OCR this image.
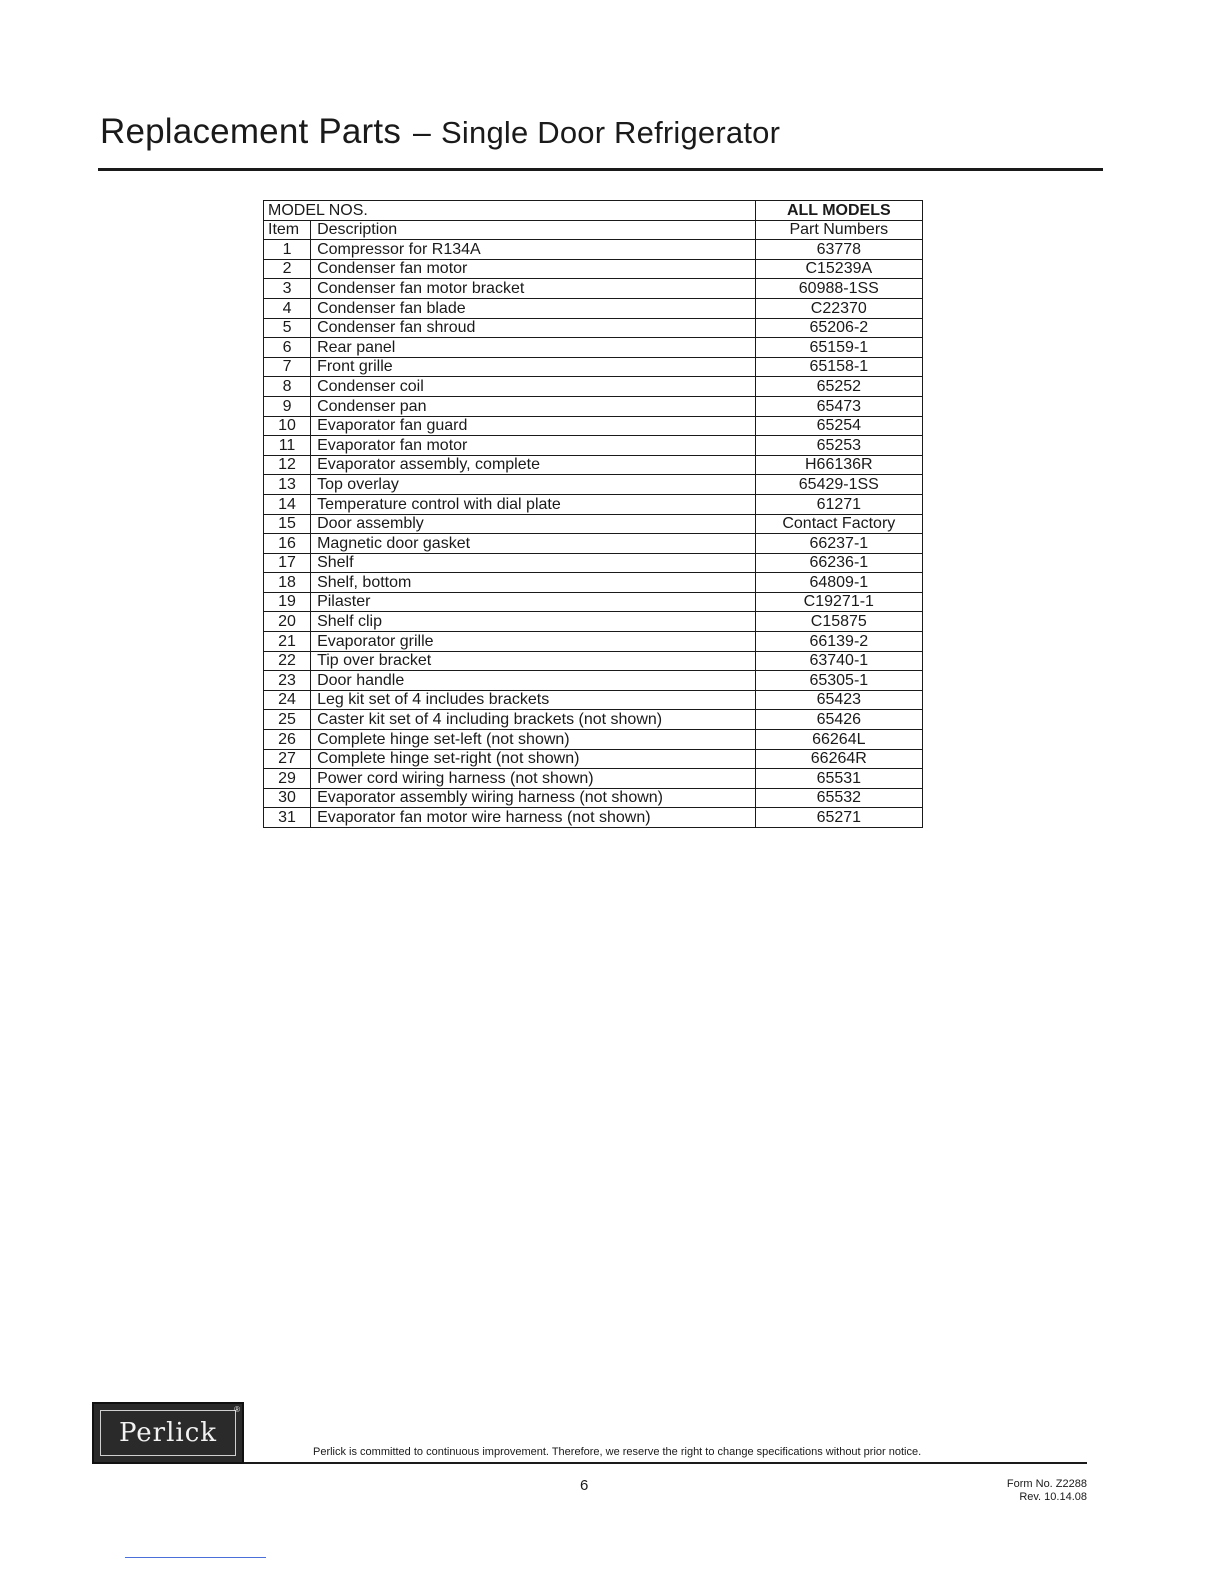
Replacement Parts – Single Door Refrigerator
MODEL NOS.		ALL MODELS
Item	Description	Part Numbers
1	Compressor for R134A	63778
2	Condenser fan motor	C15239A
3	Condenser fan motor bracket	60988-1SS
4	Condenser fan blade	C22370
5	Condenser fan shroud	65206-2
6	Rear panel	65159-1
7	Front grille	65158-1
8	Condenser coil	65252
9	Condenser pan	65473
10	Evaporator fan guard	65254
11	Evaporator fan motor	65253
12	Evaporator assembly, complete	H66136R
13	Top overlay	65429-1SS
14	Temperature control with dial plate	61271
15	Door assembly	Contact Factory
16	Magnetic door gasket	66237-1
17	Shelf	66236-1
18	Shelf, bottom	64809-1
19	Pilaster	C19271-1
20	Shelf clip	C15875
21	Evaporator grille	66139-2
22	Tip over bracket	63740-1
23	Door handle	65305-1
24	Leg kit set of 4 includes brackets	65423
25	Caster kit set of 4 including brackets (not shown)	65426
26	Complete hinge set-left (not shown)	66264L
27	Complete hinge set-right (not shown)	66264R
29	Power cord wiring harness (not shown)	65531
30	Evaporator assembly wiring harness (not shown)	65532
31	Evaporator fan motor wire harness (not shown)	65271
Perlick
®
Perlick is committed to continuous improvement. Therefore, we reserve the right to change specifications without prior notice.
6	Form No. Z2288
Rev. 10.14.08
